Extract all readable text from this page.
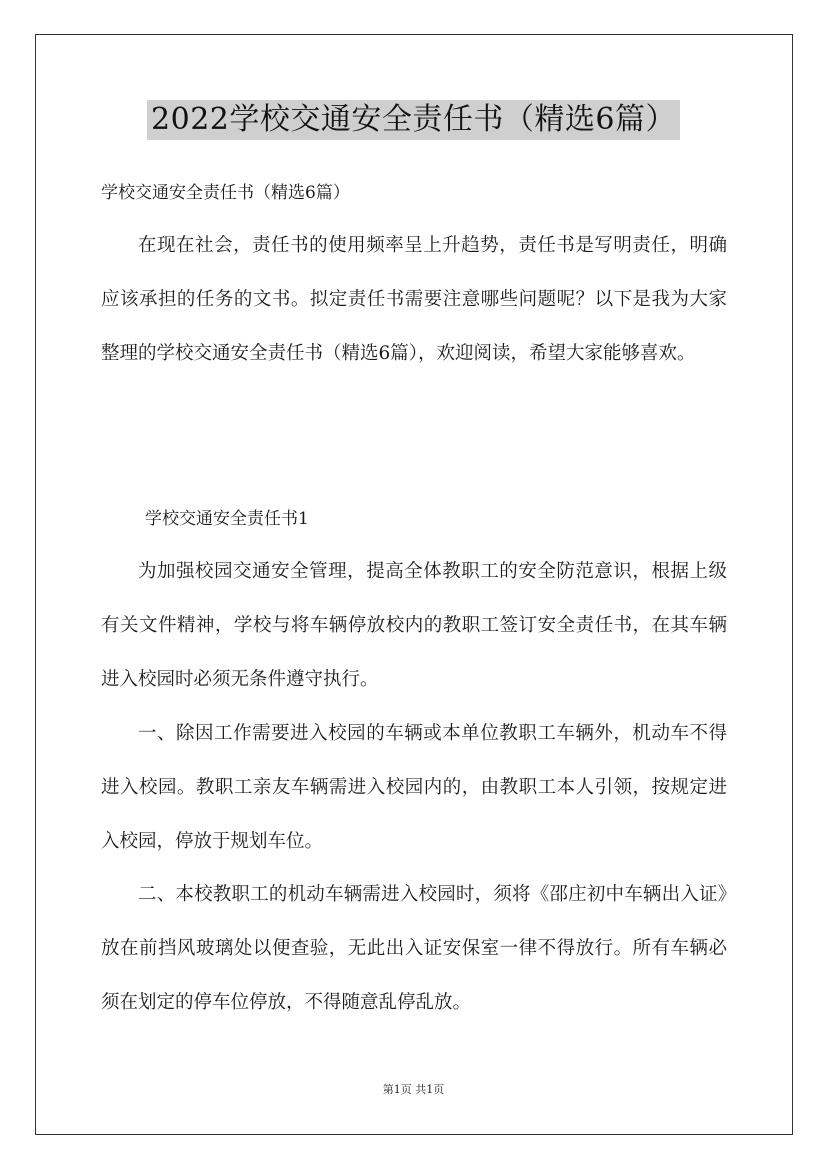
2022学校交通安全责任书（精选6篇）
学校交通安全责任书（精选6篇）

在现在社会，责任书的使用频率呈上升趋势，责任书是写明责任，明确应该承担的任务的文书。拟定责任书需要注意哪些问题呢？以下是我为大家整理的学校交通安全责任书（精选6篇），欢迎阅读，希望大家能够喜欢。

学校交通安全责任书1

为加强校园交通安全管理，提高全体教职工的安全防范意识，根据上级有关文件精神，学校与将车辆停放校内的教职工签订安全责任书，在其车辆进入校园时必须无条件遵守执行。

一、除因工作需要进入校园的车辆或本单位教职工车辆外，机动车不得进入校园。教职工亲友车辆需进入校园内的，由教职工本人引领，按规定进入校园，停放于规划车位。

二、本校教职工的机动车辆需进入校园时，须将《邵庄初中车辆出入证》放在前挡风玻璃处以便查验，无此出入证安保室一律不得放行。所有车辆必须在划定的停车位停放，不得随意乱停乱放。

第1页 共1页
